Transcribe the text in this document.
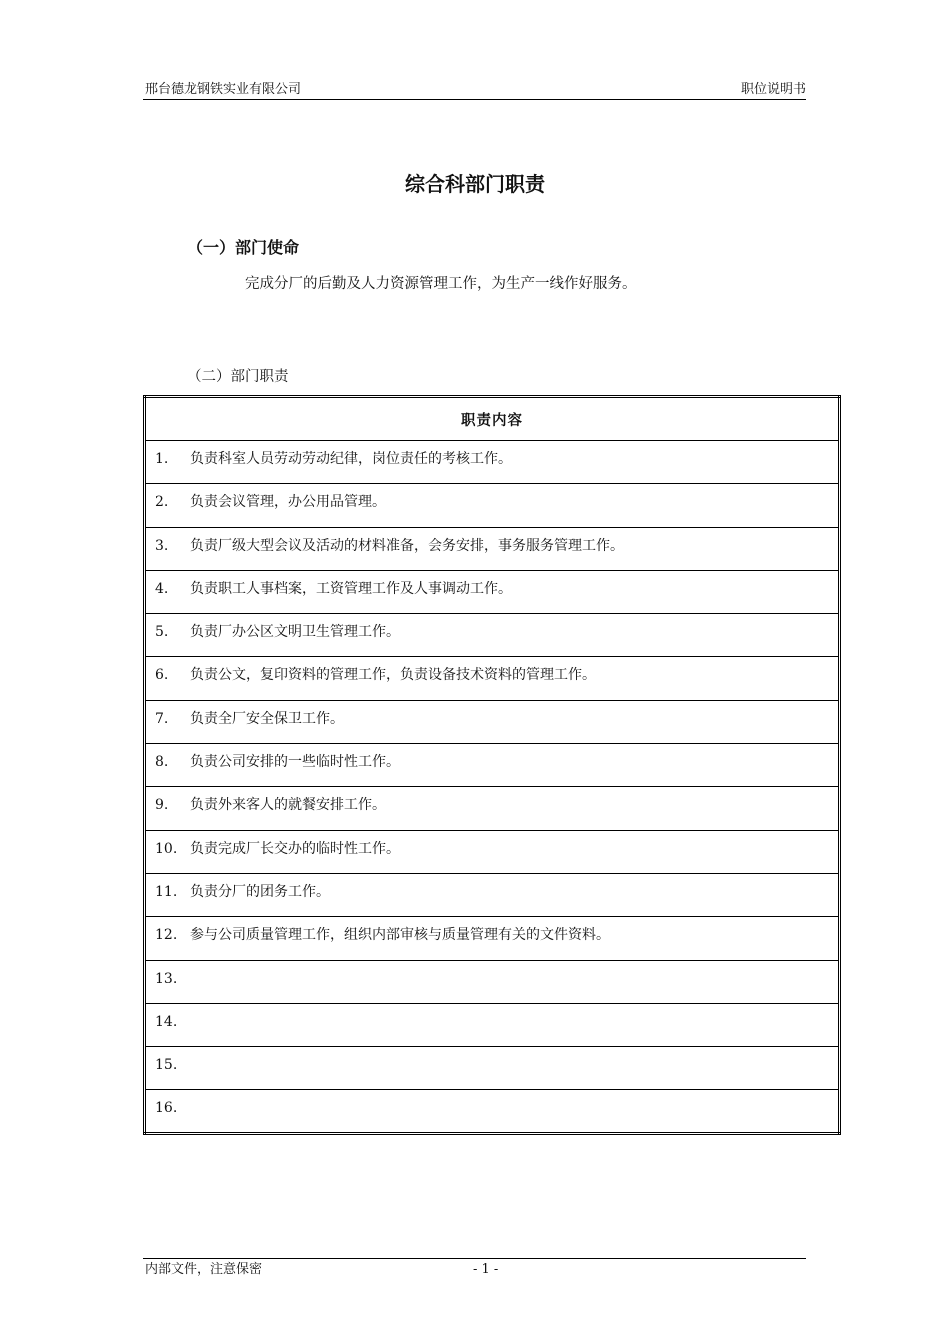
邢台德龙钢铁实业有限公司	职位说明书
综合科部门职责
（一）部门使命
完成分厂的后勤及人力资源管理工作，为生产一线作好服务。
（二）部门职责
职责内容
1. 负责科室人员劳动劳动纪律，岗位责任的考核工作。
2. 负责会议管理，办公用品管理。
3. 负责厂级大型会议及活动的材料准备，会务安排，事务服务管理工作。
4. 负责职工人事档案，工资管理工作及人事调动工作。
5. 负责厂办公区文明卫生管理工作。
6. 负责公文，复印资料的管理工作，负责设备技术资料的管理工作。
7. 负责全厂安全保卫工作。
8. 负责公司安排的一些临时性工作。
9. 负责外来客人的就餐安排工作。
10. 负责完成厂长交办的临时性工作。
11. 负责分厂的团务工作。
12. 参与公司质量管理工作，组织内部审核与质量管理有关的文件资料。
13.
14.
15.
16.
内部文件，注意保密	- 1 -
